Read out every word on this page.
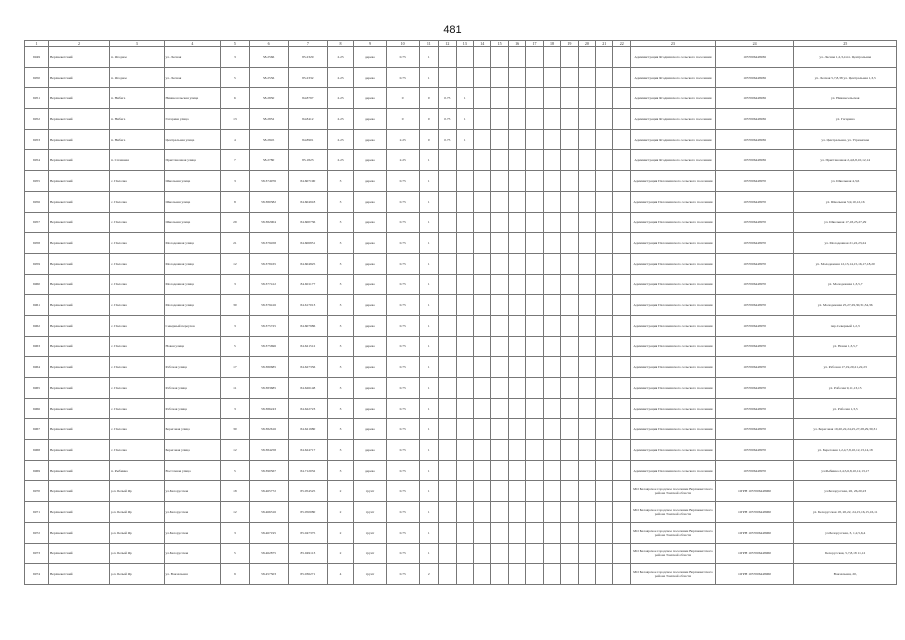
481
1	2	3	4	5	6	7	8	9	10	11	12	13	14	15	16	17	18	19	20	21	22	23	24	25
6949	Верхнекетский	п. Ягодное	ул. Лесная	3	58.2566	85.2329	2.25	дерево	0.75	1												Администрация Ягоднинского сельского поселения	1057006448936	ул. Лесная 1,2,3,4 пл. Центральная
6950	Верхнекетский	п. Ягодное	ул. Лесная	5	58.2556	85.2332	2.25	дерево	0.75	1												Администрация Ягоднинского сельского поселения	1057006448936	ул. Лесная 5,7,8,38 ул. Центральная 1,3,5
6951	Верхнекетский	п. Нибега	Нижнесельская улица	6	58.2850	84.8797	2.25	дерево	0	0	0.75	1										Администрация Ягоднинского сельского поселения	1057006448936	ул. Нижнесельская
6952	Верхнекетский	п. Нибега	Гагарина улица	13	58.2852	84.8412	2.25	дерево	0	0	0.75	1										Администрация Ягоднинского сельского поселения	1057006448936	ул. Гагарина
6953	Верхнекетский	п. Нибега	Центральная улица	4	58.2845	84.8901	2.25	дерево	2.25	0	0.75	1										Администрация Ягоднинского сельского поселения	1057006448936	ул. Центральная, ул. Угрюмская
6954	Верхнекетский	п. Сплавная	Приставочная улица	7	58.2780	85.1823	2.25	дерево	2.25	1												Администрация Ягоднинского сельского поселения	1057006448936	ул. Приставочная 2,4,6,8,10,12,14
6955	Верхнекетский	с. Палочка	Школьная улица	3	58.374976	84.607190	3	дерево	0.75	1												Администрация Палочкинского сельского поселения	1057006448970	ул. Школьная 4,3,6
6956	Верхнекетский	с. Палочка	Школьная улица	8	58.380382	84.604918	3	дерево	0.75	1												Администрация Палочкинского сельского поселения	1057006448970	ул. Школьная 5,9,10,12,16
6957	Верхнекетский	с. Палочка	Школьная улица	29	58.382904	84.600736	3	дерево	0.75	1												Администрация Палочкинского сельского поселения	1057006448970	ул. Школьная 17,18,25,27,29
6958	Верхнекетский	с. Палочка	Молодежная улица	21	58.379458	84.606851	3	дерево	0.75	1												Администрация Палочкинского сельского поселения	1057006448970	ул. Молодежная 21,22,23,24
6959	Верхнекетский	с. Палочка	Молодежная улица	12	58.378165	84.604825	3	дерево	0.75	1												Администрация Палочкинского сельского поселения	1057006448970	ул. Молодежная 12,13,14,15,16,17,18,20
6960	Верхнекетский	с. Палочка	Молодежная улица	3	58.377412	84.601177	3	дерево	0.75	1												Администрация Палочкинского сельского поселения	1057006448970	ул. Молодежная 1,3,5,7
6961	Верхнекетский	с. Палочка	Молодежная улица	30	58.379416	84.617013	3	дерево	0.75	1												Администрация Палочкинского сельского поселения	1057006448970	ул. Молодежная 25,27,29,30,31,34,36
6962	Верхнекетский	с. Палочка	Северный переулок	3	58.375725	84.607986	3	дерево	0.75	1												Администрация Палочкинского сельского поселения	1057006448970	пер.Северный 1,2,3
6963	Верхнекетский	с. Палочка	Новая улица	5	58.375696	84.621512	3	дерево	0.75	1												Администрация Палочкинского сельского поселения	1057006448970	ул. Новая 1,3,5,7
6964	Верхнекетский	с. Палочка	Рабочая улица	17	58.380685	84.627356	3	дерево	0.75	1												Администрация Палочкинского сельского поселения	1057006448970	ул. Рабочая 17,19,20,21,22,23
6965	Верхнекетский	с. Палочка	Рабочая улица	11	58.383685	84.626148	3	дерево	0.75	1												Администрация Палочкинского сельского поселения	1057006448970	ул. Рабочая 9,11,13,15
6966	Верхнекетский	с. Палочка	Рабочая улица	3	58.386243	84.622723	3	дерево	0.75	1												Администрация Палочкинского сельского поселения	1057006448970	ул. Рабочая 1,3,5
6967	Верхнекетский	с. Палочка	Береговая улица	30	58.382616	84.621980	3	дерево	0.75	1												Администрация Палочкинского сельского поселения	1057006448970	ул. Береговая 19,20,22,24,25,27,28,29,30,31
6968	Верхнекетский	с. Палочка	Береговая улица	12	58.384258	84.624717	3	дерево	0.75	1												Администрация Палочкинского сельского поселения	1057006448970	ул. Береговая 1,2,4,7,8,10,12,13,14,18
6969	Верхнекетский	п. Рыбинка	Восточная улица	5	58.390567	84.712032	3	дерево	0.75	1												Администрация Палочкинского сельского поселения	1057006448970	ул.Рыбинка 2,4,5,6,8,10,12,13,17
6970	Верхнекетский	р.п. Белый Яр	ул.Белорусская	18	58.465772	85.054525	2	грунт	0.75	1												МО Белоярское городское поселение Верхнекетского района Томской области	ОГРН 1057006448960	ул.Белорусская, 26, 26,20,23
6971	Верхнекетский	р.п. Белый Яр	ул.Белорусская	12	58.466316	85.050080	2	грунт	0.75	1												МО Белоярское городское поселение Верхнекетского района Томской области	ОГРН 1057006448960	ул. Белорусская 18, 20,22, 24,15,16,15,16,11
6972	Верхнекетский	р.п. Белый Яр	ул.Белорусская	3	58.467195	85.047375	2	грунт	0.75	1												МО Белоярское городское поселение Верхнекетского района Томской области	ОГРН 1057006448960	ул.Белорусская, 3, 1,2,5,6,4
6973	Верхнекетский	р.п. Белый Яр	ул.Белорусская	5	58.462875	85.049113	2	грунт	0.75	1												МО Белоярское городское поселение Верхнекетского района Томской области	ОГРН 1057006448960	Белорусская, 5,7,8,18 11,12
6974	Верхнекетский	р.п. Белый Яр	ул. Вокзальная	9	58.457503	85.036271	4	грунт	0.75	2												МО Белоярское городское поселение Верхнекетского района Томской области	ОГРН 1057006448960	Вокзальная, 20,
